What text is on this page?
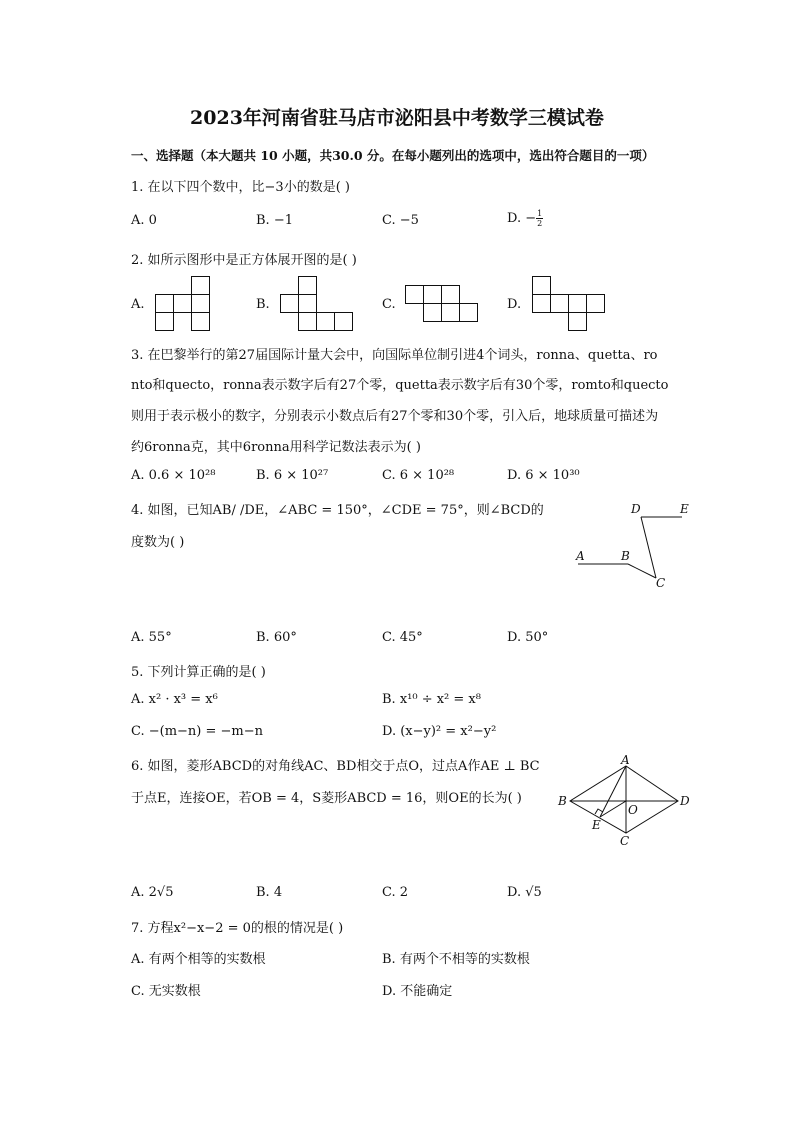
2023年河南省驻马店市泌阳县中考数学三模试卷
一、选择题（本大题共 10 小题，共30.0 分。在每小题列出的选项中，选出符合题目的一项）
1. 在以下四个数中，比−3小的数是( )
A. 0	B. −1	C. −5	D. − $\frac{1}{2}$
2. 如所示图形中是正方体展开图的是( )
A.	B.	C.	D.
3. 在巴黎举行的第27届国际计量大会中，向国际单位制引进4个词头，ronna、quetta、ro
nto和quecto，ronna表示数字后有27个零，quetta表示数字后有30个零，romto和quecto
则用于表示极小的数字，分别表示小数点后有27个零和30个零，引入后，地球质量可描述为
约6ronna克，其中6ronna用科学记数法表示为( )
A. 0.6 × 10²⁸	B. 6 × 10²⁷	C. 6 × 10²⁸	D. 6 × 10³⁰
4. 如图，已知AB/ /DE，∠ABC = 150°，∠CDE = 75°，则∠BCD的
度数为( )
A	B
C
D	E
A. 55°	B. 60°	C. 45°	D. 50°
5. 下列计算正确的是( )
A. x² · x³ = x⁶	B. x¹⁰ ÷ x² = x⁸
C. −(m−n) = −m−n	D. (x−y)² = x²−y²
6. 如图，菱形ABCD的对角线AC、BD相交于点O，过点A作AE ⊥ BC
于点E，连接OE，若OB = 4，S菱形ABCD = 16，则OE的长为( )
A
B
C
D
E
O
A. 2√5	B. 4	C. 2	D. √5
7. 方程x²−x−2 = 0的根的情况是( )
A. 有两个相等的实数根	B. 有两个不相等的实数根
C. 无实数根	D. 不能确定
